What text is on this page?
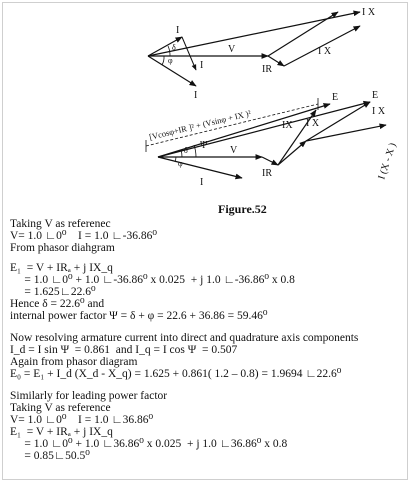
I
I
δ
φ
V
I
IR
I X
I X
E	E
I X
IX I X
I (X - X )
V
Ψ
δ
φ
IR
I
[Vcosφ+IR ]² + (Vsinφ + IX )²
Figure.52
Taking V as referenec
V= 1.0 ∟0⁰    I = 1.0 ∟-36.86⁰
From phasor diahgram
E₁  = V + IRₐ + j IX_q
= 1.0 ∟0⁰ + 1.0 ∟-36.86⁰ x 0.025  + j 1.0 ∟-36.86⁰ x 0.8
= 1.625∟22.6⁰
Hence δ = 22.6⁰ and
internal power factor Ψ = δ + φ = 22.6 + 36.86 = 59.46⁰
Now resolving armature current into direct and quadrature axis components
I_d = I sin Ψ  = 0.861  and I_q = I cos Ψ  = 0.507
Again from phasor diagram
E₀ = E₁ + I_d (X_d - X_q) = 1.625 + 0.861( 1.2 – 0.8) = 1.9694 ∟22.6⁰
Similarly for leading power factor
Taking V as reference
V= 1.0 ∟0⁰    I = 1.0 ∟36.86⁰
E₁  = V + IRₐ + j IX_q
= 1.0 ∟0⁰ + 1.0 ∟36.86⁰ x 0.025  + j 1.0 ∟36.86⁰ x 0.8
= 0.85∟50.5⁰
